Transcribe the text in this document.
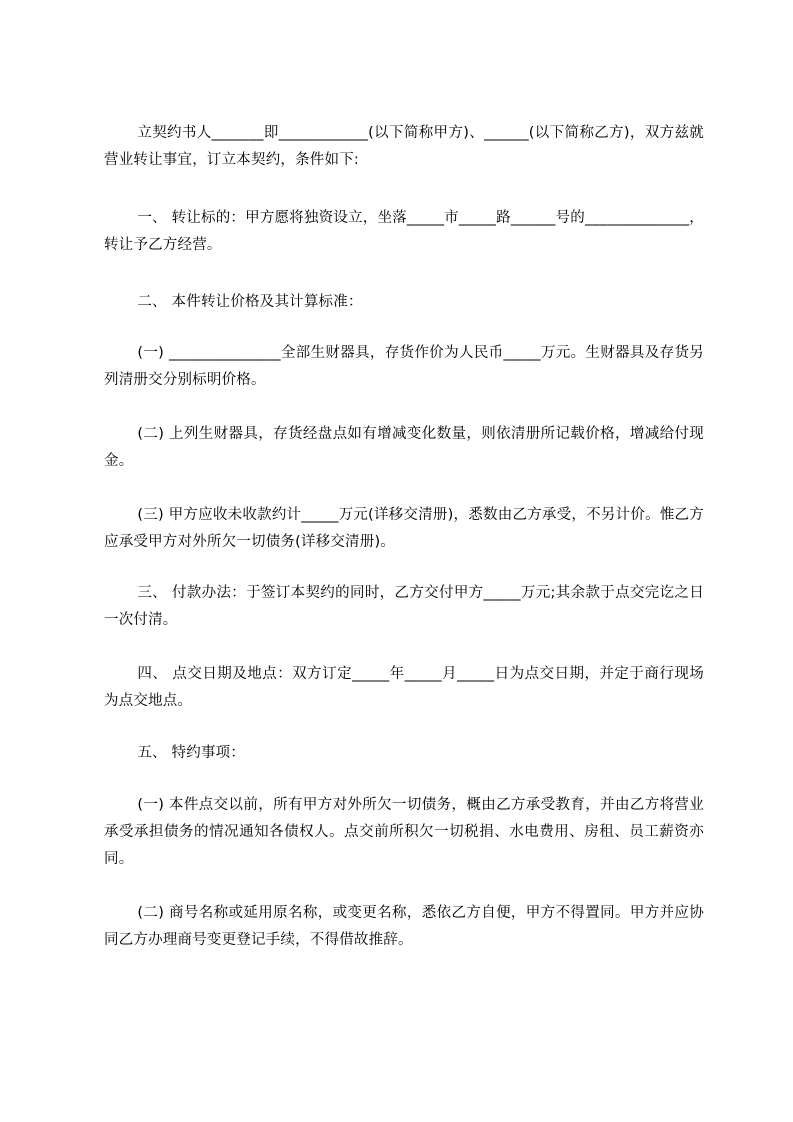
立契约书人_______即____________(以下简称甲方)、______(以下简称乙方)，双方兹就营业转让事宜，订立本契约，条件如下:

一、 转让标的：甲方愿将独资设立，坐落_____市_____路______号的______________，转让予乙方经营。

二、 本件转让价格及其计算标准：

(一) _______________全部生财器具，存货作价为人民币_____万元。生财器具及存货另列清册交分别标明价格。

(二) 上列生财器具，存货经盘点如有增减变化数量，则依清册所记载价格，增减给付现金。

(三) 甲方应收未收款约计_____万元(详移交清册)，悉数由乙方承受，不另计价。惟乙方应承受甲方对外所欠一切债务(详移交清册)。

三、 付款办法：于签订本契约的同时，乙方交付甲方_____万元;其余款于点交完讫之日一次付清。

四、 点交日期及地点：双方订定_____年_____月_____日为点交日期，并定于商行现场为点交地点。

五、 特约事项：

(一) 本件点交以前，所有甲方对外所欠一切债务，概由乙方承受教育，并由乙方将营业承受承担债务的情况通知各债权人。点交前所积欠一切税捐、水电费用、房租、员工薪资亦同。

(二) 商号名称或延用原名称，或变更名称，悉依乙方自便，甲方不得置同。甲方并应协同乙方办理商号变更登记手续，不得借故推辞。
